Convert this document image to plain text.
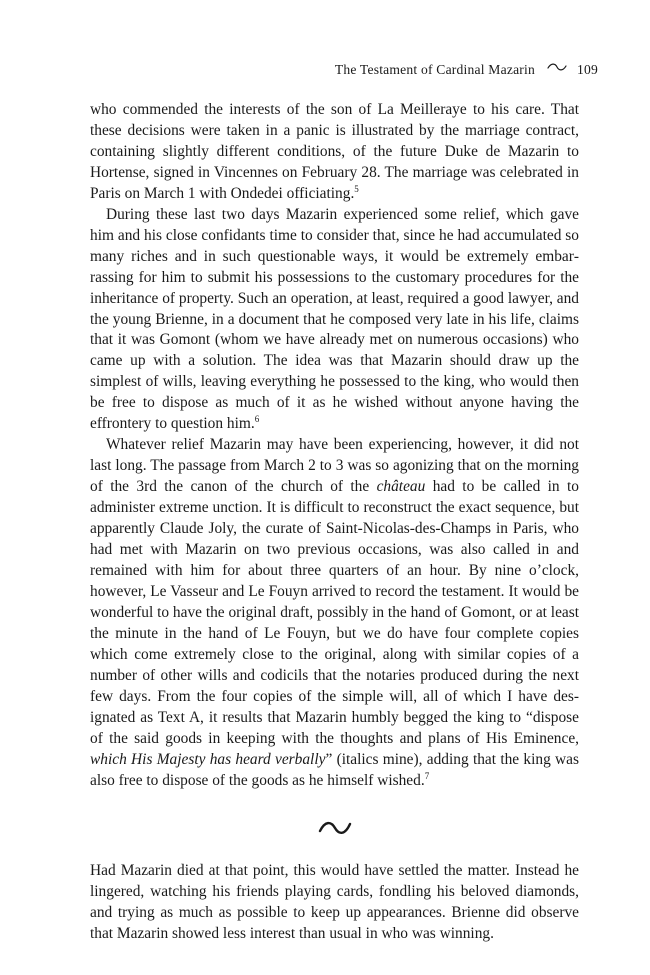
The Testament of Cardinal Mazarin	109

who commended the interests of the son of La Meilleraye to his care. That these decisions were taken in a panic is illustrated by the marriage contract, containing slightly different conditions, of the future Duke de Mazarin to Hortense, signed in Vincennes on February 28. The marriage was celebrated in Paris on March 1 with Ondedei officiating.$^5$

During these last two days Mazarin experienced some relief, which gave him and his close confidants time to consider that, since he had accumulated so many riches and in such questionable ways, it would be extremely embarrassing for him to submit his possessions to the customary procedures for the inheritance of property. Such an operation, at least, required a good lawyer, and the young Brienne, in a document that he composed very late in his life, claims that it was Gomont (whom we have already met on numerous occasions) who came up with a solution. The idea was that Mazarin should draw up the simplest of wills, leaving everything he possessed to the king, who would then be free to dispose as much of it as he wished without anyone having the effrontery to question him.$^6$

Whatever relief Mazarin may have been experiencing, however, it did not last long. The passage from March 2 to 3 was so agonizing that on the morning of the 3rd the canon of the church of the château had to be called in to administer extreme unction. It is difficult to reconstruct the exact sequence, but apparently Claude Joly, the curate of Saint-Nicolas-des-Champs in Paris, who had met with Mazarin on two previous occasions, was also called in and remained with him for about three quarters of an hour. By nine o’clock, however, Le Vasseur and Le Fouyn arrived to record the testament. It would be wonderful to have the original draft, possibly in the hand of Gomont, or at least the minute in the hand of Le Fouyn, but we do have four complete copies which come extremely close to the original, along with similar copies of a number of other wills and codicils that the notaries produced during the next few days. From the four copies of the simple will, all of which I have designated as Text A, it results that Mazarin humbly begged the king to “dispose of the said goods in keeping with the thoughts and plans of His Eminence, which His Majesty has heard verbally” (italics mine), adding that the king was also free to dispose of the goods as he himself wished.$^7$

Had Mazarin died at that point, this would have settled the matter. Instead he lingered, watching his friends playing cards, fondling his beloved diamonds, and trying as much as possible to keep up appearances. Brienne did observe that Mazarin showed less interest than usual in who was winning.
